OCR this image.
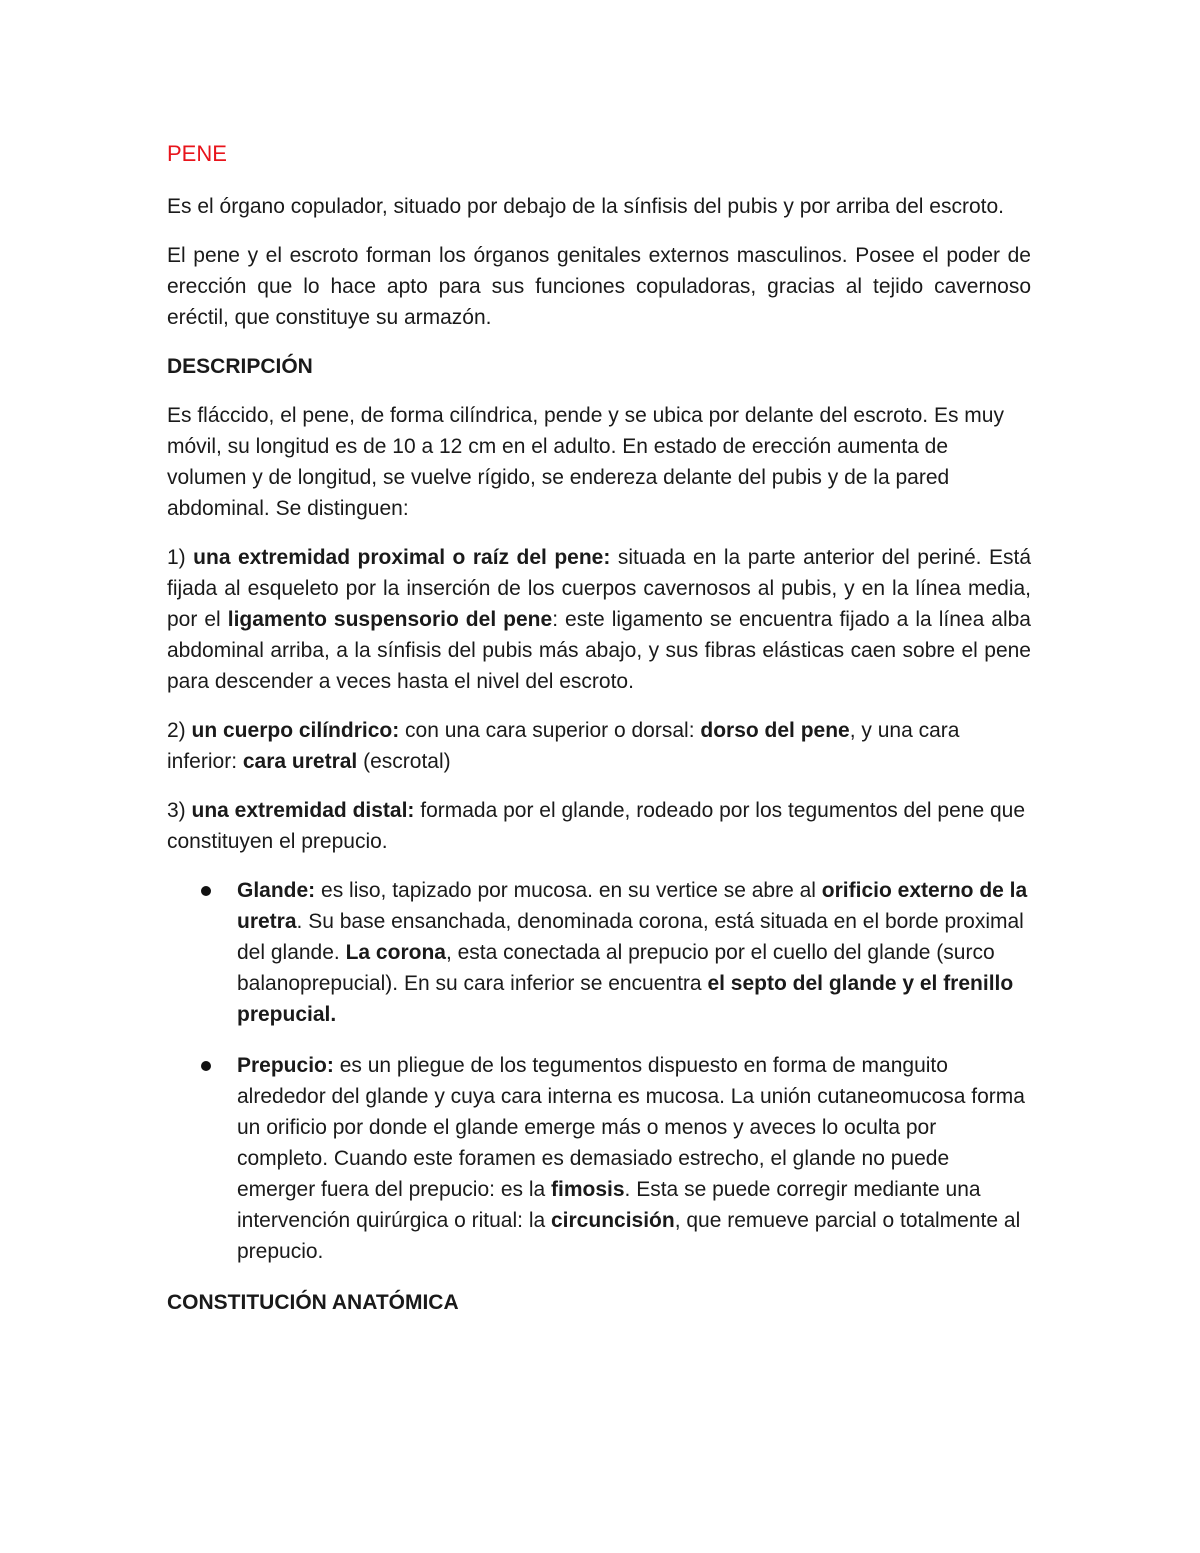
PENE

Es el órgano copulador, situado por debajo de la sínfisis del pubis y por arriba del escroto.

El pene y el escroto forman los órganos genitales externos masculinos. Posee el poder de erección que lo hace apto para sus funciones copuladoras, gracias al tejido cavernoso eréctil, que constituye su armazón.

DESCRIPCIÓN

Es fláccido, el pene, de forma cilíndrica, pende y se ubica por delante del escroto. Es muy móvil, su longitud es de 10 a 12 cm en el adulto. En estado de erección aumenta de volumen y de longitud, se vuelve rígido, se endereza delante del pubis y de la pared abdominal. Se distinguen:

1) una extremidad proximal o raíz del pene: situada en la parte anterior del periné. Está fijada al esqueleto por la inserción de los cuerpos cavernosos al pubis, y en la línea media, por el ligamento suspensorio del pene: este ligamento se encuentra fijado a la línea alba abdominal arriba, a la sínfisis del pubis más abajo, y sus fibras elásticas caen sobre el pene para descender a veces hasta el nivel del escroto.

2) un cuerpo cilíndrico: con una cara superior o dorsal: dorso del pene, y una cara inferior: cara uretral (escrotal)

3) una extremidad distal: formada por el glande, rodeado por los tegumentos del pene que constituyen el prepucio.

Glande: es liso, tapizado por mucosa. en su vertice se abre al orificio externo de la uretra. Su base ensanchada, denominada corona, está situada en el borde proximal del glande. La corona, esta conectada al prepucio por el cuello del glande (surco balanoprepucial). En su cara inferior se encuentra el septo del glande y el frenillo prepucial.
Prepucio: es un pliegue de los tegumentos dispuesto en forma de manguito alrededor del glande y cuya cara interna es mucosa. La unión cutaneomucosa forma un orificio por donde el glande emerge más o menos y aveces lo oculta por completo. Cuando este foramen es demasiado estrecho, el glande no puede emerger fuera del prepucio: es la fimosis. Esta se puede corregir mediante una intervención quirúrgica o ritual: la circuncisión, que remueve parcial o totalmente al prepucio.
CONSTITUCIÓN ANATÓMICA
